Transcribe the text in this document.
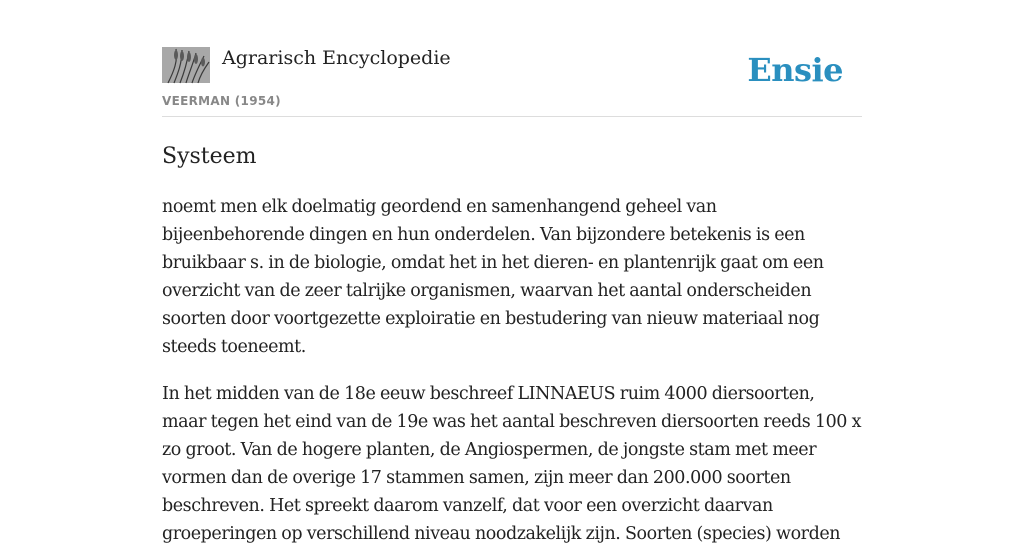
Agrarisch Encyclopedie	Ensie
VEERMAN (1954)
Systeem

noemt men elk doelmatig geordend en samenhangend geheel van bijeenbehorende dingen en hun onderdelen. Van bijzondere betekenis is een bruikbaar s. in de biologie, omdat het in het dieren- en plantenrijk gaat om een overzicht van de zeer talrijke organismen, waarvan het aantal onderscheiden soorten door voortgezette exploiratie en bestudering van nieuw materiaal nog steeds toeneemt.

In het midden van de 18e eeuw beschreef LINNAEUS ruim 4000 diersoorten, maar tegen het eind van de 19e was het aantal beschreven diersoorten reeds 100 x zo groot. Van de hogere planten, de Angiospermen, de jongste stam met meer vormen dan de overige 17 stammen samen, zijn meer dan 200.000 soorten beschreven. Het spreekt daarom vanzelf, dat voor een overzicht daarvan groeperingen op verschillend niveau noodzakelijk zijn. Soorten (species) worden
